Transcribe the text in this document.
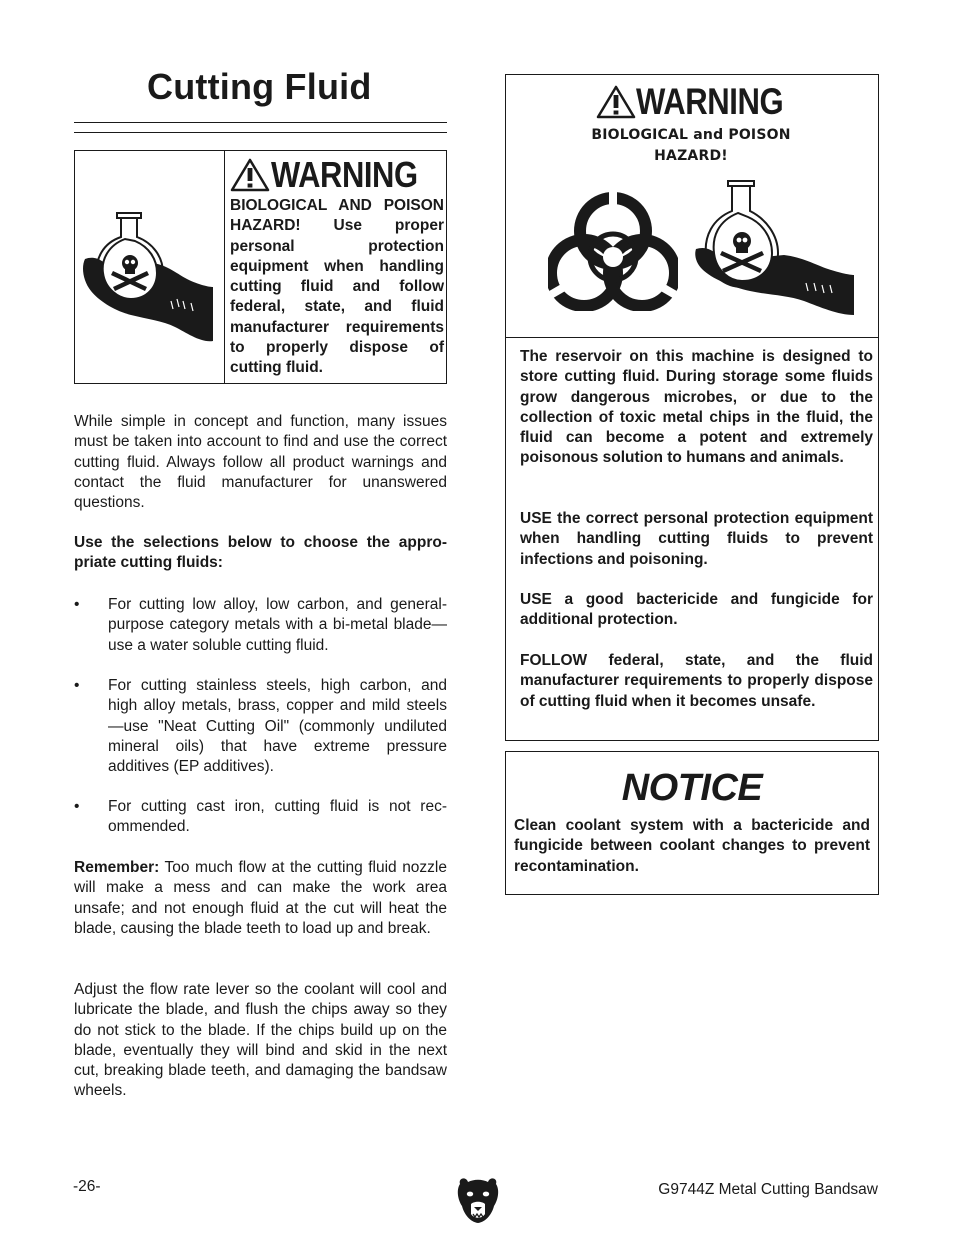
Cutting Fluid
WARNING
BIOLOGICAL AND POISON HAZARD! Use proper personal protection equipment when handling cutting fluid and follow federal, state, and fluid manufacturer requirements to properly dispose of cutting fluid.

While simple in concept and function, many issues must be taken into account to find and use the correct cutting fluid. Always follow all product warnings and contact the fluid manufacturer for unanswered questions.

Use the selections below to choose the appropriate cutting fluids:

•	For cutting low alloy, low carbon, and general-purpose category metals with a bi-metal blade—use a water soluble cutting fluid.
•	For cutting stainless steels, high carbon, and high alloy metals, brass, copper and mild steels—use "Neat Cutting Oil" (commonly undiluted mineral oils) that have extreme pressure additives (EP additives).
•	For cutting cast iron, cutting fluid is not recommended.

Remember: Too much flow at the cutting fluid nozzle will make a mess and can make the work area unsafe; and not enough fluid at the cut will heat the blade, causing the blade teeth to load up and break.

Adjust the flow rate lever so the coolant will cool and lubricate the blade, and flush the chips away so they do not stick to the blade. If the chips build up on the blade, eventually they will bind and skid in the next cut, breaking blade teeth, and damaging the bandsaw wheels.

WARNING
BIOLOGICAL and POISON
HAZARD!

The reservoir on this machine is designed to store cutting fluid. During storage some fluids grow dangerous microbes, or due to the collection of toxic metal chips in the fluid, the fluid can become a potent and extremely poisonous solution to humans and animals.

USE the correct personal protection equipment when handling cutting fluids to prevent infections and poisoning.

USE a good bactericide and fungicide for additional protection.

FOLLOW federal, state, and the fluid manufacturer requirements to properly dispose of cutting fluid when it becomes unsafe.

NOTICE

Clean coolant system with a bactericide and fungicide between coolant changes to prevent recontamination.

-26-	G9744Z Metal Cutting Bandsaw
